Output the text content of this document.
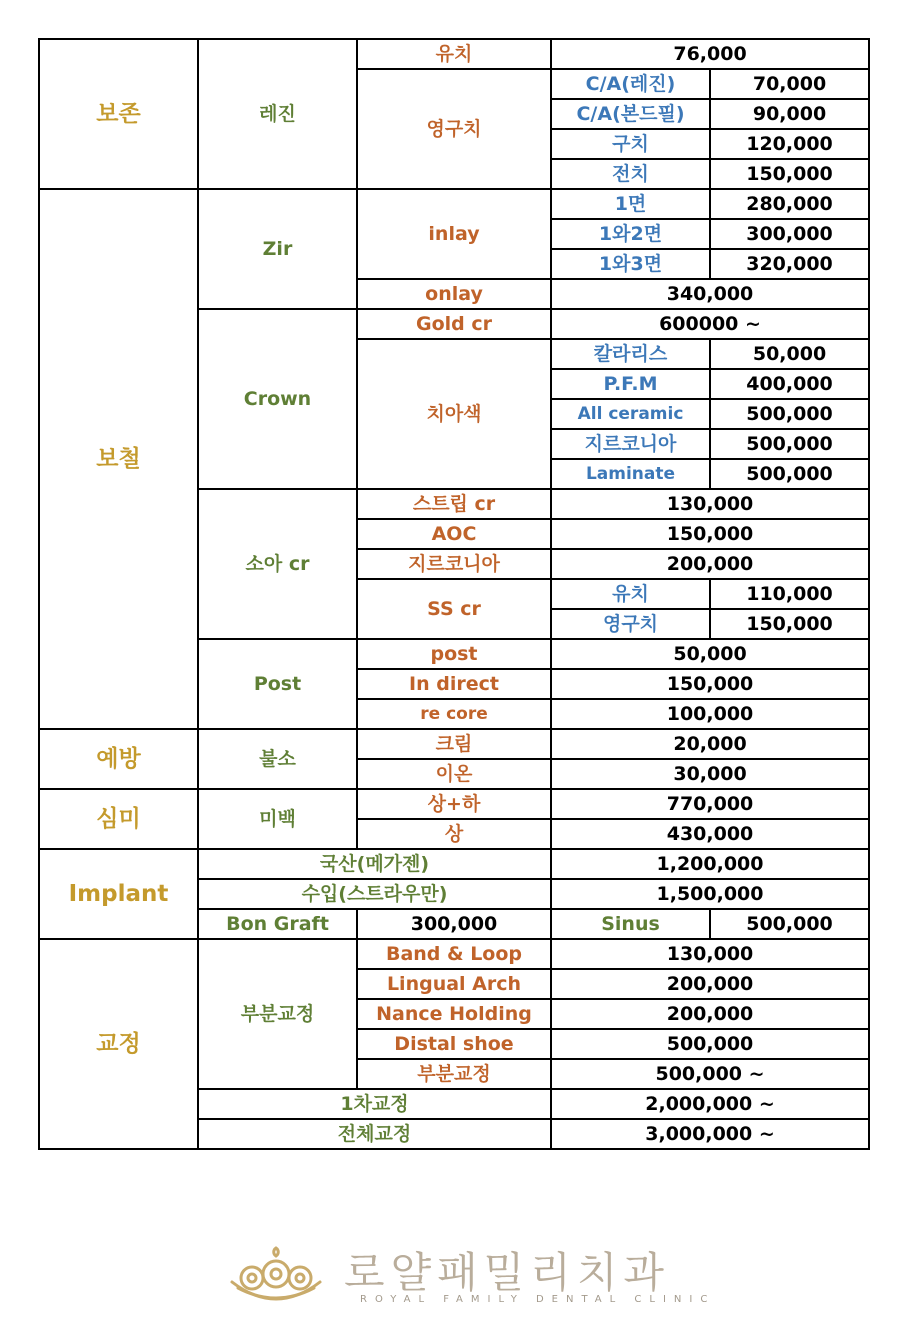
보존	레진	유치	76,000	
		영구치	C/A(레진)	70,000
			C/A(본드필)	90,000
			구치	120,000
			전치	150,000
보철	Zir	inlay	1면	280,000
			1와2면	300,000
			1와3면	320,000
		onlay	340,000	
	Crown	Gold cr	600000 ~	
		치아색	칼라리스	50,000
			P.F.M	400,000
			All ceramic	500,000
			지르코니아	500,000
			Laminate	500,000
	소아 cr	스트립 cr	130,000	
		AOC	150,000	
		지르코니아	200,000	
		SS cr	유치	110,000
			영구치	150,000
	Post	post	50,000	
		In direct	150,000	
		re core	100,000	
예방	불소	크림	20,000	
		이온	30,000	
심미	미백	상+하	770,000	
		상	430,000	
Implant	국산(메가젠)		1,200,000	
	수입(스트라우만)		1,500,000	
	Bon Graft	300,000	Sinus	500,000
교정	부분교정	Band & Loop	130,000	
		Lingual Arch	200,000	
		Nance Holding	200,000	
		Distal shoe	500,000	
		부분교정	500,000 ~	
	1차교정		2,000,000 ~	
	전체교정		3,000,000 ~	
로얄패밀리치과
ROYAL FAMILY DENTAL CLINIC
